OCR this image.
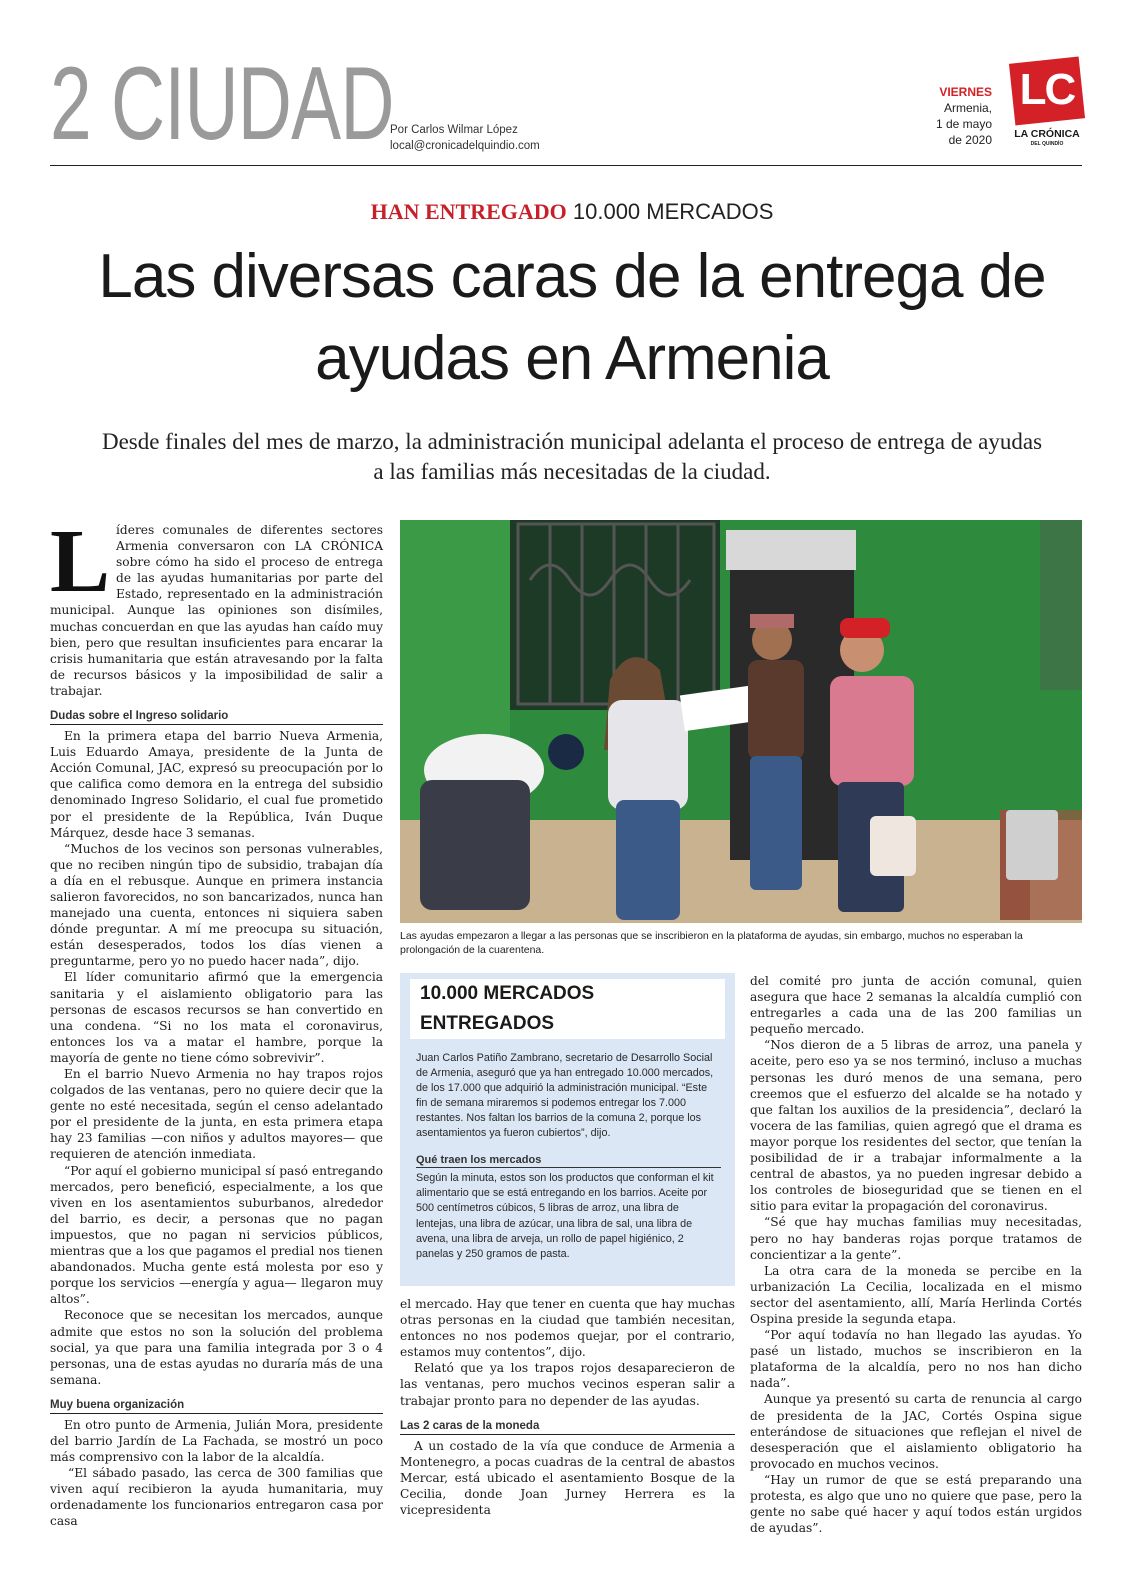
2 CIUDAD
Por Carlos Wilmar López
local@cronicadelquindio.com
VIERNES
Armenia,
1 de mayo
de 2020
LC
LA CRÓNICA
DEL QUINDÍO
HAN ENTREGADO 10.000 MERCADOS
Las diversas caras de la entrega de
ayudas en Armenia
Desde finales del mes de marzo, la administración municipal adelanta el proceso de entrega de ayudas
a las familias más necesitadas de la ciudad.

Líderes comunales de diferentes sectores Armenia conversaron con LA CRÓNICA sobre cómo ha sido el proceso de entrega de las ayudas humanitarias por parte del Estado, representado en la administración municipal. Aunque las opiniones son disímiles, muchas concuerdan en que las ayudas han caído muy bien, pero que resultan insuficientes para encarar la crisis humanitaria que están atravesando por la falta de recursos básicos y la imposibilidad de salir a trabajar.

Dudas sobre el Ingreso solidario

En la primera etapa del barrio Nueva Armenia, Luis Eduardo Amaya, presidente de la Junta de Acción Comunal, JAC, expresó su preocupación por lo que califica como demora en la entrega del subsidio denominado Ingreso Solidario, el cual fue prometido por el presidente de la República, Iván Duque Márquez, desde hace 3 semanas.

“Muchos de los vecinos son personas vulnerables, que no reciben ningún tipo de subsidio, trabajan día a día en el rebusque. Aunque en primera instancia salieron favorecidos, no son bancarizados, nunca han manejado una cuenta, entonces ni siquiera saben dónde preguntar. A mí me preocupa su situación, están desesperados, todos los días vienen a preguntarme, pero yo no puedo hacer nada”, dijo.

El líder comunitario afirmó que la emergencia sanitaria y el aislamiento obligatorio para las personas de escasos recursos se han convertido en una condena. “Si no los mata el coronavirus, entonces los va a matar el hambre, porque la mayoría de gente no tiene cómo sobrevivir”.

En el barrio Nuevo Armenia no hay trapos rojos colgados de las ventanas, pero no quiere decir que la gente no esté necesitada, según el censo adelantado por el presidente de la junta, en esta primera etapa hay 23 familias —con niños y adultos mayores— que requieren de atención inmediata.

“Por aquí el gobierno municipal sí pasó entregando mercados, pero benefició, especialmente, a los que viven en los asentamientos suburbanos, alrededor del barrio, es decir, a personas que no pagan impuestos, que no pagan ni servicios públicos, mientras que a los que pagamos el predial nos tienen abandonados. Mucha gente está molesta por eso y porque los servicios —energía y agua— llegaron muy altos”.

Reconoce que se necesitan los mercados, aunque admite que estos no son la solución del problema social, ya que para una familia integrada por 3 o 4 personas, una de estas ayudas no duraría más de una semana.

Muy buena organización

En otro punto de Armenia, Julián Mora, presidente del barrio Jardín de La Fachada, se mostró un poco más comprensivo con la labor de la alcaldía.

“El sábado pasado, las cerca de 300 familias que viven aquí recibieron la ayuda humanitaria, muy ordenadamente los funcionarios entregaron casa por casa

Las ayudas empezaron a llegar a las personas que se inscribieron en la plataforma de ayudas, sin embargo, muchos no esperaban la prolongación de la cuarentena.
10.000 MERCADOS ENTREGADOS
Juan Carlos Patiño Zambrano, secretario de Desarrollo Social de Armenia, aseguró que ya han entregado 10.000 mercados, de los 17.000 que adquirió la administración municipal. “Este fin de semana miraremos si podemos entregar los 7.000 restantes. Nos faltan los barrios de la comuna 2, porque los asentamientos ya fueron cubiertos”, dijo.
Qué traen los mercados
Según la minuta, estos son los productos que conforman el kit alimentario que se está entregando en los barrios. Aceite por 500 centímetros cúbicos, 5 libras de arroz, una libra de lentejas, una libra de azúcar, una libra de sal, una libra de avena, una libra de arveja, un rollo de papel higiénico, 2 panelas y 250 gramos de pasta.

el mercado. Hay que tener en cuenta que hay muchas otras personas en la ciudad que también necesitan, entonces no nos podemos quejar, por el contrario, estamos muy contentos”, dijo.

Relató que ya los trapos rojos desaparecieron de las ventanas, pero muchos vecinos esperan salir a trabajar pronto para no depender de las ayudas.

Las 2 caras de la moneda

A un costado de la vía que conduce de Armenia a Montenegro, a pocas cuadras de la central de abastos Mercar, está ubicado el asentamiento Bosque de la Cecilia, donde Joan Jurney Herrera es la vicepresidenta

del comité pro junta de acción comunal, quien asegura que hace 2 semanas la alcaldía cumplió con entregarles a cada una de las 200 familias un pequeño mercado.

“Nos dieron de a 5 libras de arroz, una panela y aceite, pero eso ya se nos terminó, incluso a muchas personas les duró menos de una semana, pero creemos que el esfuerzo del alcalde se ha notado y que faltan los auxilios de la presidencia”, declaró la vocera de las familias, quien agregó que el drama es mayor porque los residentes del sector, que tenían la posibilidad de ir a trabajar informalmente a la central de abastos, ya no pueden ingresar debido a los controles de bioseguridad que se tienen en el sitio para evitar la propagación del coronavirus.

“Sé que hay muchas familias muy necesitadas, pero no hay banderas rojas porque tratamos de concientizar a la gente”.

La otra cara de la moneda se percibe en la urbanización La Cecilia, localizada en el mismo sector del asentamiento, allí, María Herlinda Cortés Ospina preside la segunda etapa.

“Por aquí todavía no han llegado las ayudas. Yo pasé un listado, muchos se inscribieron en la plataforma de la alcaldía, pero no nos han dicho nada”.

Aunque ya presentó su carta de renuncia al cargo de presidenta de la JAC, Cortés Ospina sigue enterándose de situaciones que reflejan el nivel de desesperación que el aislamiento obligatorio ha provocado en muchos vecinos.

“Hay un rumor de que se está preparando una protesta, es algo que uno no quiere que pase, pero la gente no sabe qué hacer y aquí todos están urgidos de ayudas”.
